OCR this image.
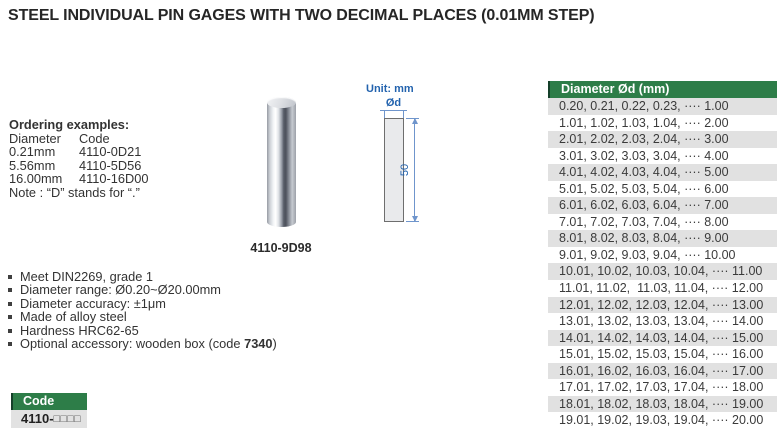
STEEL INDIVIDUAL PIN GAGES WITH TWO DECIMAL PLACES (0.01MM STEP)
Ordering examples:
Diameter Code
0.21mm 4110-0D21
5.56mm 4110-5D56
16.00mm 4110-16D00
Note : “D” stands for “.”
4110-9D98
Unit: mm
Ød
50
Meet DIN2269, grade 1
Diameter range: Ø0.20~Ø20.00mm
Diameter accuracy: ±1μm
Made of alloy steel
Hardness HRC62-65
Optional accessory: wooden box (code 7340)
Code
4110-□□□□
Diameter Ød (mm)
0.20, 0.21, 0.22, 0.23, ···· 1.00
1.01, 1.02, 1.03, 1.04, ···· 2.00
2.01, 2.02, 2.03, 2.04, ···· 3.00
3.01, 3.02, 3.03, 3.04, ···· 4.00
4.01, 4.02, 4.03, 4.04, ···· 5.00
5.01, 5.02, 5.03, 5.04, ···· 6.00
6.01, 6.02, 6.03, 6.04, ···· 7.00
7.01, 7.02, 7.03, 7.04, ···· 8.00
8.01, 8.02, 8.03, 8.04, ···· 9.00
9.01, 9.02, 9.03, 9.04, ···· 10.00
10.01, 10.02, 10.03, 10.04, ···· 11.00
11.01, 11.02,  11.03, 11.04, ···· 12.00
12.01, 12.02, 12.03, 12.04, ···· 13.00
13.01, 13.02, 13.03, 13.04, ···· 14.00
14.01, 14.02, 14.03, 14.04, ···· 15.00
15.01, 15.02, 15.03, 15.04, ···· 16.00
16.01, 16.02, 16.03, 16.04, ···· 17.00
17.01, 17.02, 17.03, 17.04, ···· 18.00
18.01, 18.02, 18.03, 18.04, ···· 19.00
19.01, 19.02, 19.03, 19.04, ···· 20.00
